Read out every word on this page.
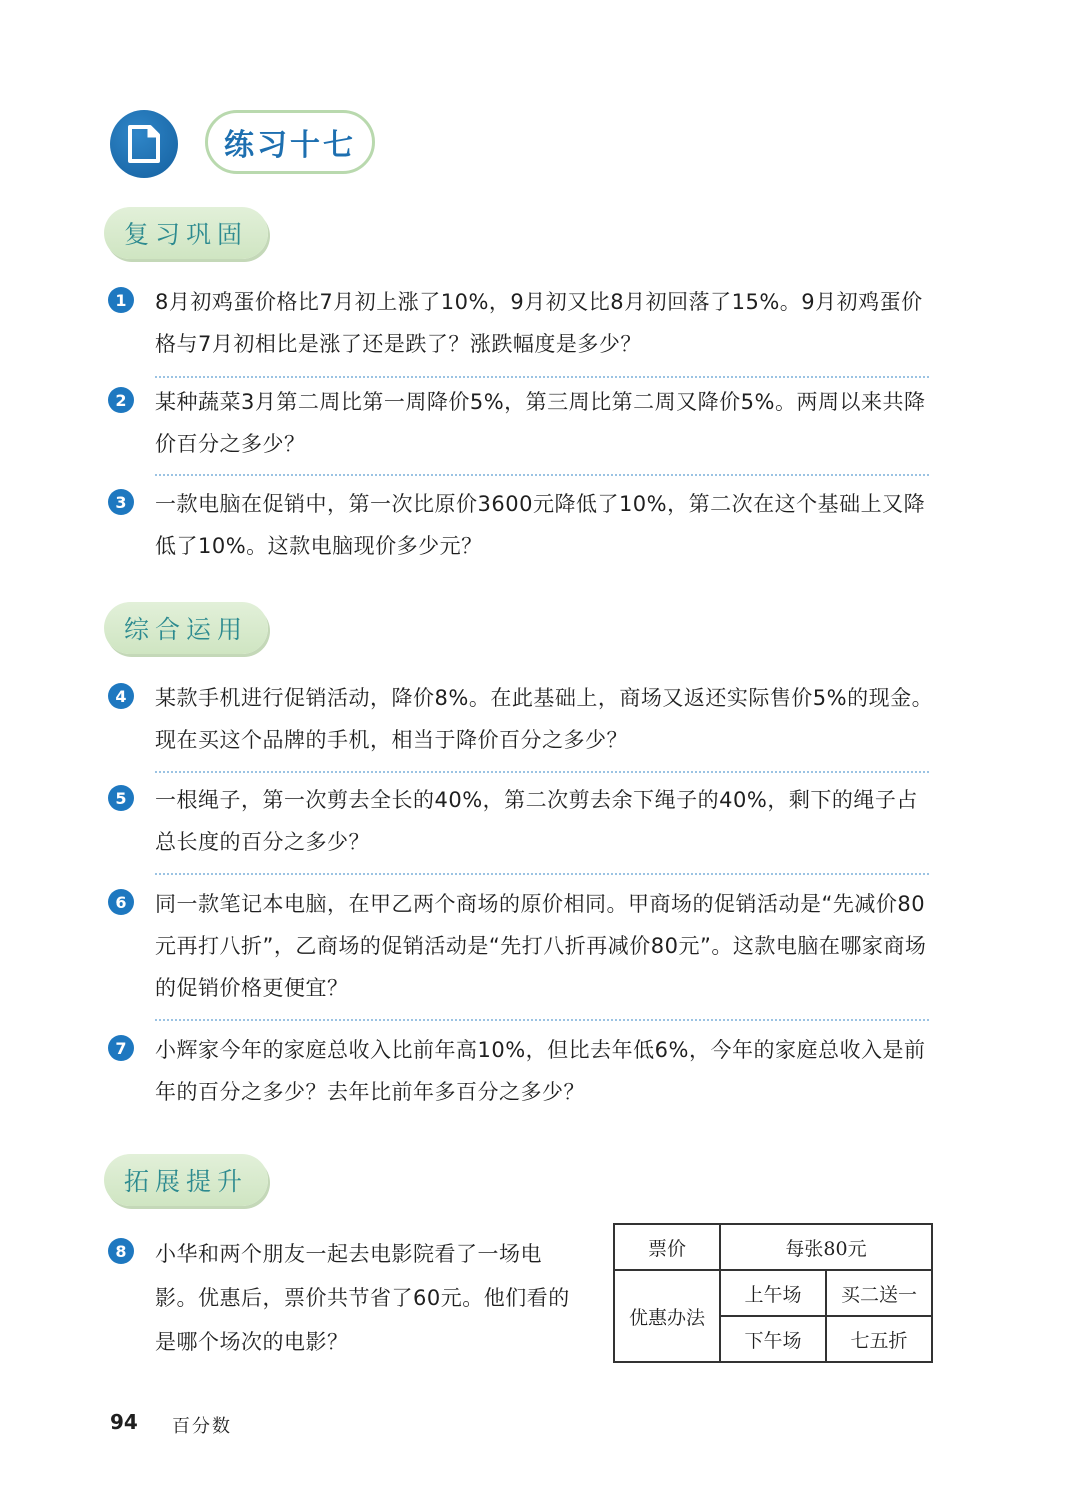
练习十七
复习巩固
1	8月初鸡蛋价格比7月初上涨了10%，9月初又比8月初回落了15%。9月初鸡蛋价格与7月初相比是涨了还是跌了？涨跌幅度是多少？
2	某种蔬菜3月第二周比第一周降价5%，第三周比第二周又降价5%。两周以来共降价百分之多少？
3	一款电脑在促销中，第一次比原价3600元降低了10%，第二次在这个基础上又降低了10%。这款电脑现价多少元？
综合运用
4	某款手机进行促销活动，降价8%。在此基础上，商场又返还实际售价5%的现金。现在买这个品牌的手机，相当于降价百分之多少？
5	一根绳子，第一次剪去全长的40%，第二次剪去余下绳子的40%，剩下的绳子占总长度的百分之多少？
6	同一款笔记本电脑，在甲乙两个商场的原价相同。甲商场的促销活动是“先减价80元再打八折”，乙商场的促销活动是“先打八折再减价80元”。这款电脑在哪家商场的促销价格更便宜？
7	小辉家今年的家庭总收入比前年高10%，但比去年低6%，今年的家庭总收入是前年的百分之多少？去年比前年多百分之多少？
拓展提升
8	小华和两个朋友一起去电影院看了一场电影。优惠后，票价共节省了60元。他们看的是哪个场次的电影？
票价	每张80元	
优惠办法	上午场	买二送一
	下午场	七五折
94 百分数
